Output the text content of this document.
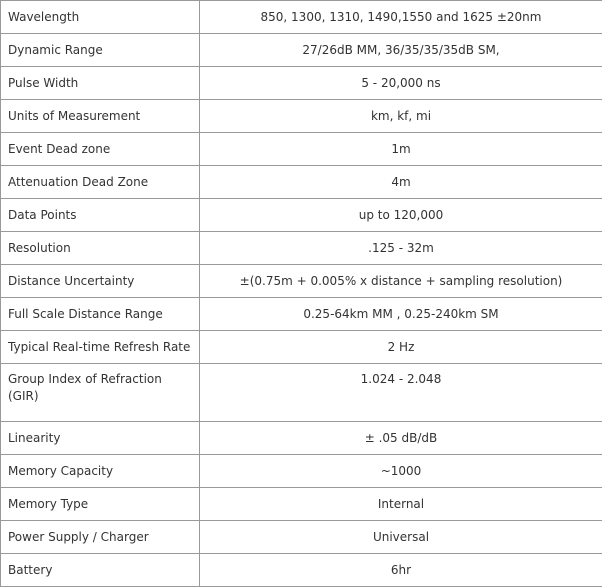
Wavelength	850, 1300, 1310, 1490,1550 and 1625 ±20nm
Dynamic Range	27/26dB MM, 36/35/35/35dB SM,
Pulse Width	5 - 20,000 ns
Units of Measurement	km, kf, mi
Event Dead zone	1m
Attenuation Dead Zone	4m
Data Points	up to 120,000
Resolution	.125 - 32m
Distance Uncertainty	±(0.75m + 0.005% x distance + sampling resolution)
Full Scale Distance Range	0.25-64km MM , 0.25-240km SM
Typical Real-time Refresh Rate	2 Hz
Group Index of Refraction (GIR)	1.024 - 2.048
Linearity	± .05 dB/dB
Memory Capacity	~1000
Memory Type	Internal
Power Supply / Charger	Universal
Battery	6hr
